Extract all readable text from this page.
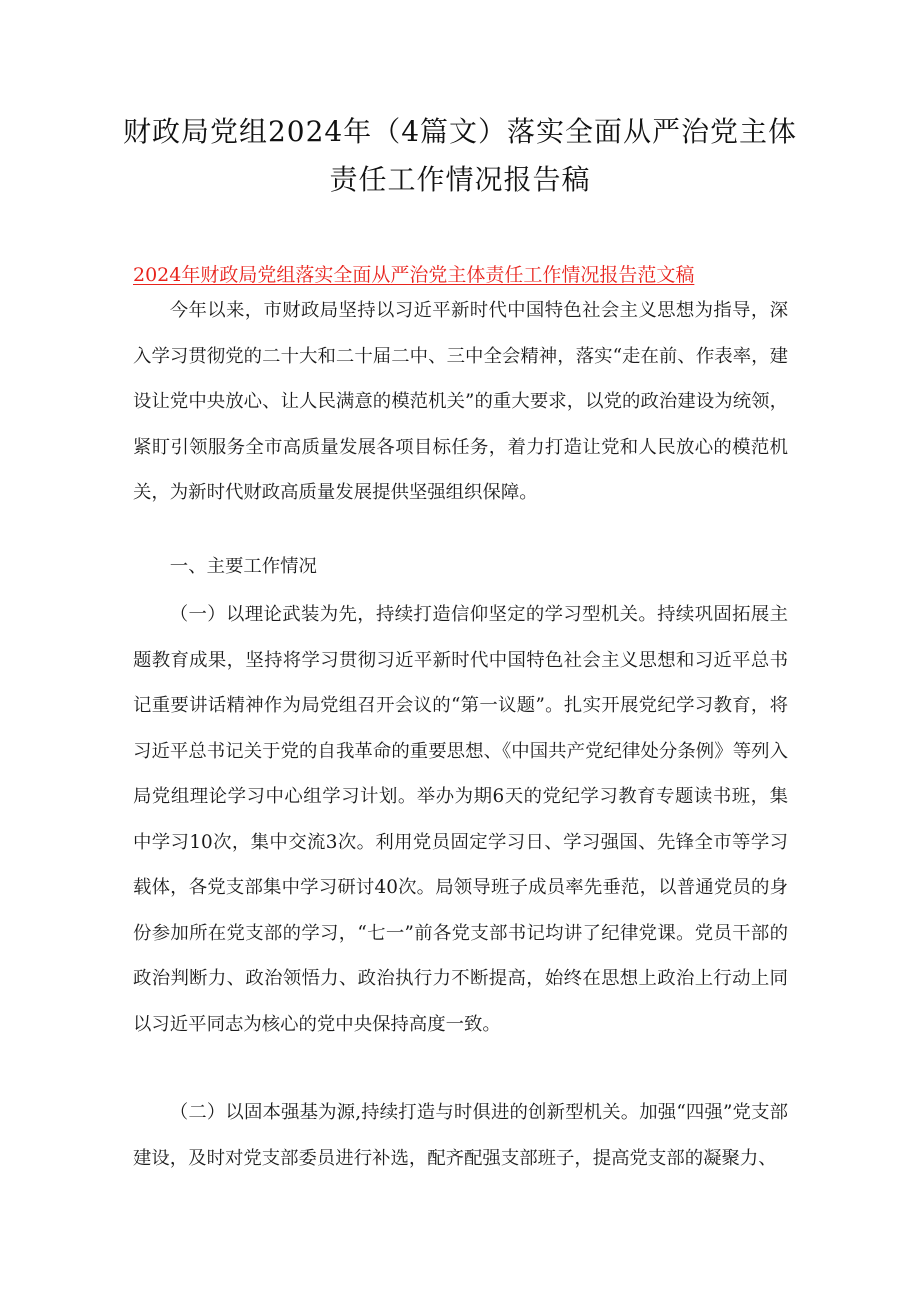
财政局党组2024年（4篇文）落实全面从严治党主体
责任工作情况报告稿
2024年财政局党组落实全面从严治党主体责任工作情况报告范文稿

今年以来，市财政局坚持以习近平新时代中国特色社会主义思想为指导，深入学习贯彻党的二十大和二十届二中、三中全会精神，落实“走在前、作表率，建设让党中央放心、让人民满意的模范机关”的重大要求，以党的政治建设为统领，紧盯引领服务全市高质量发展各项目标任务，着力打造让党和人民放心的模范机关，为新时代财政高质量发展提供坚强组织保障。

一、主要工作情况

（一）以理论武装为先，持续打造信仰坚定的学习型机关。持续巩固拓展主题教育成果，坚持将学习贯彻习近平新时代中国特色社会主义思想和习近平总书记重要讲话精神作为局党组召开会议的“第一议题”。扎实开展党纪学习教育，将习近平总书记关于党的自我革命的重要思想、《中国共产党纪律处分条例》等列入局党组理论学习中心组学习计划。举办为期6天的党纪学习教育专题读书班，集中学习10次，集中交流3次。利用党员固定学习日、学习强国、先锋全市等学习载体，各党支部集中学习研讨40次。局领导班子成员率先垂范，以普通党员的身份参加所在党支部的学习，“七一”前各党支部书记均讲了纪律党课。党员干部的政治判断力、政治领悟力、政治执行力不断提高，始终在思想上政治上行动上同以习近平同志为核心的党中央保持高度一致。

（二）以固本强基为源,持续打造与时俱进的创新型机关。加强“四强”党支部建设，及时对党支部委员进行补选，配齐配强支部班子，提高党支部的凝聚力、
